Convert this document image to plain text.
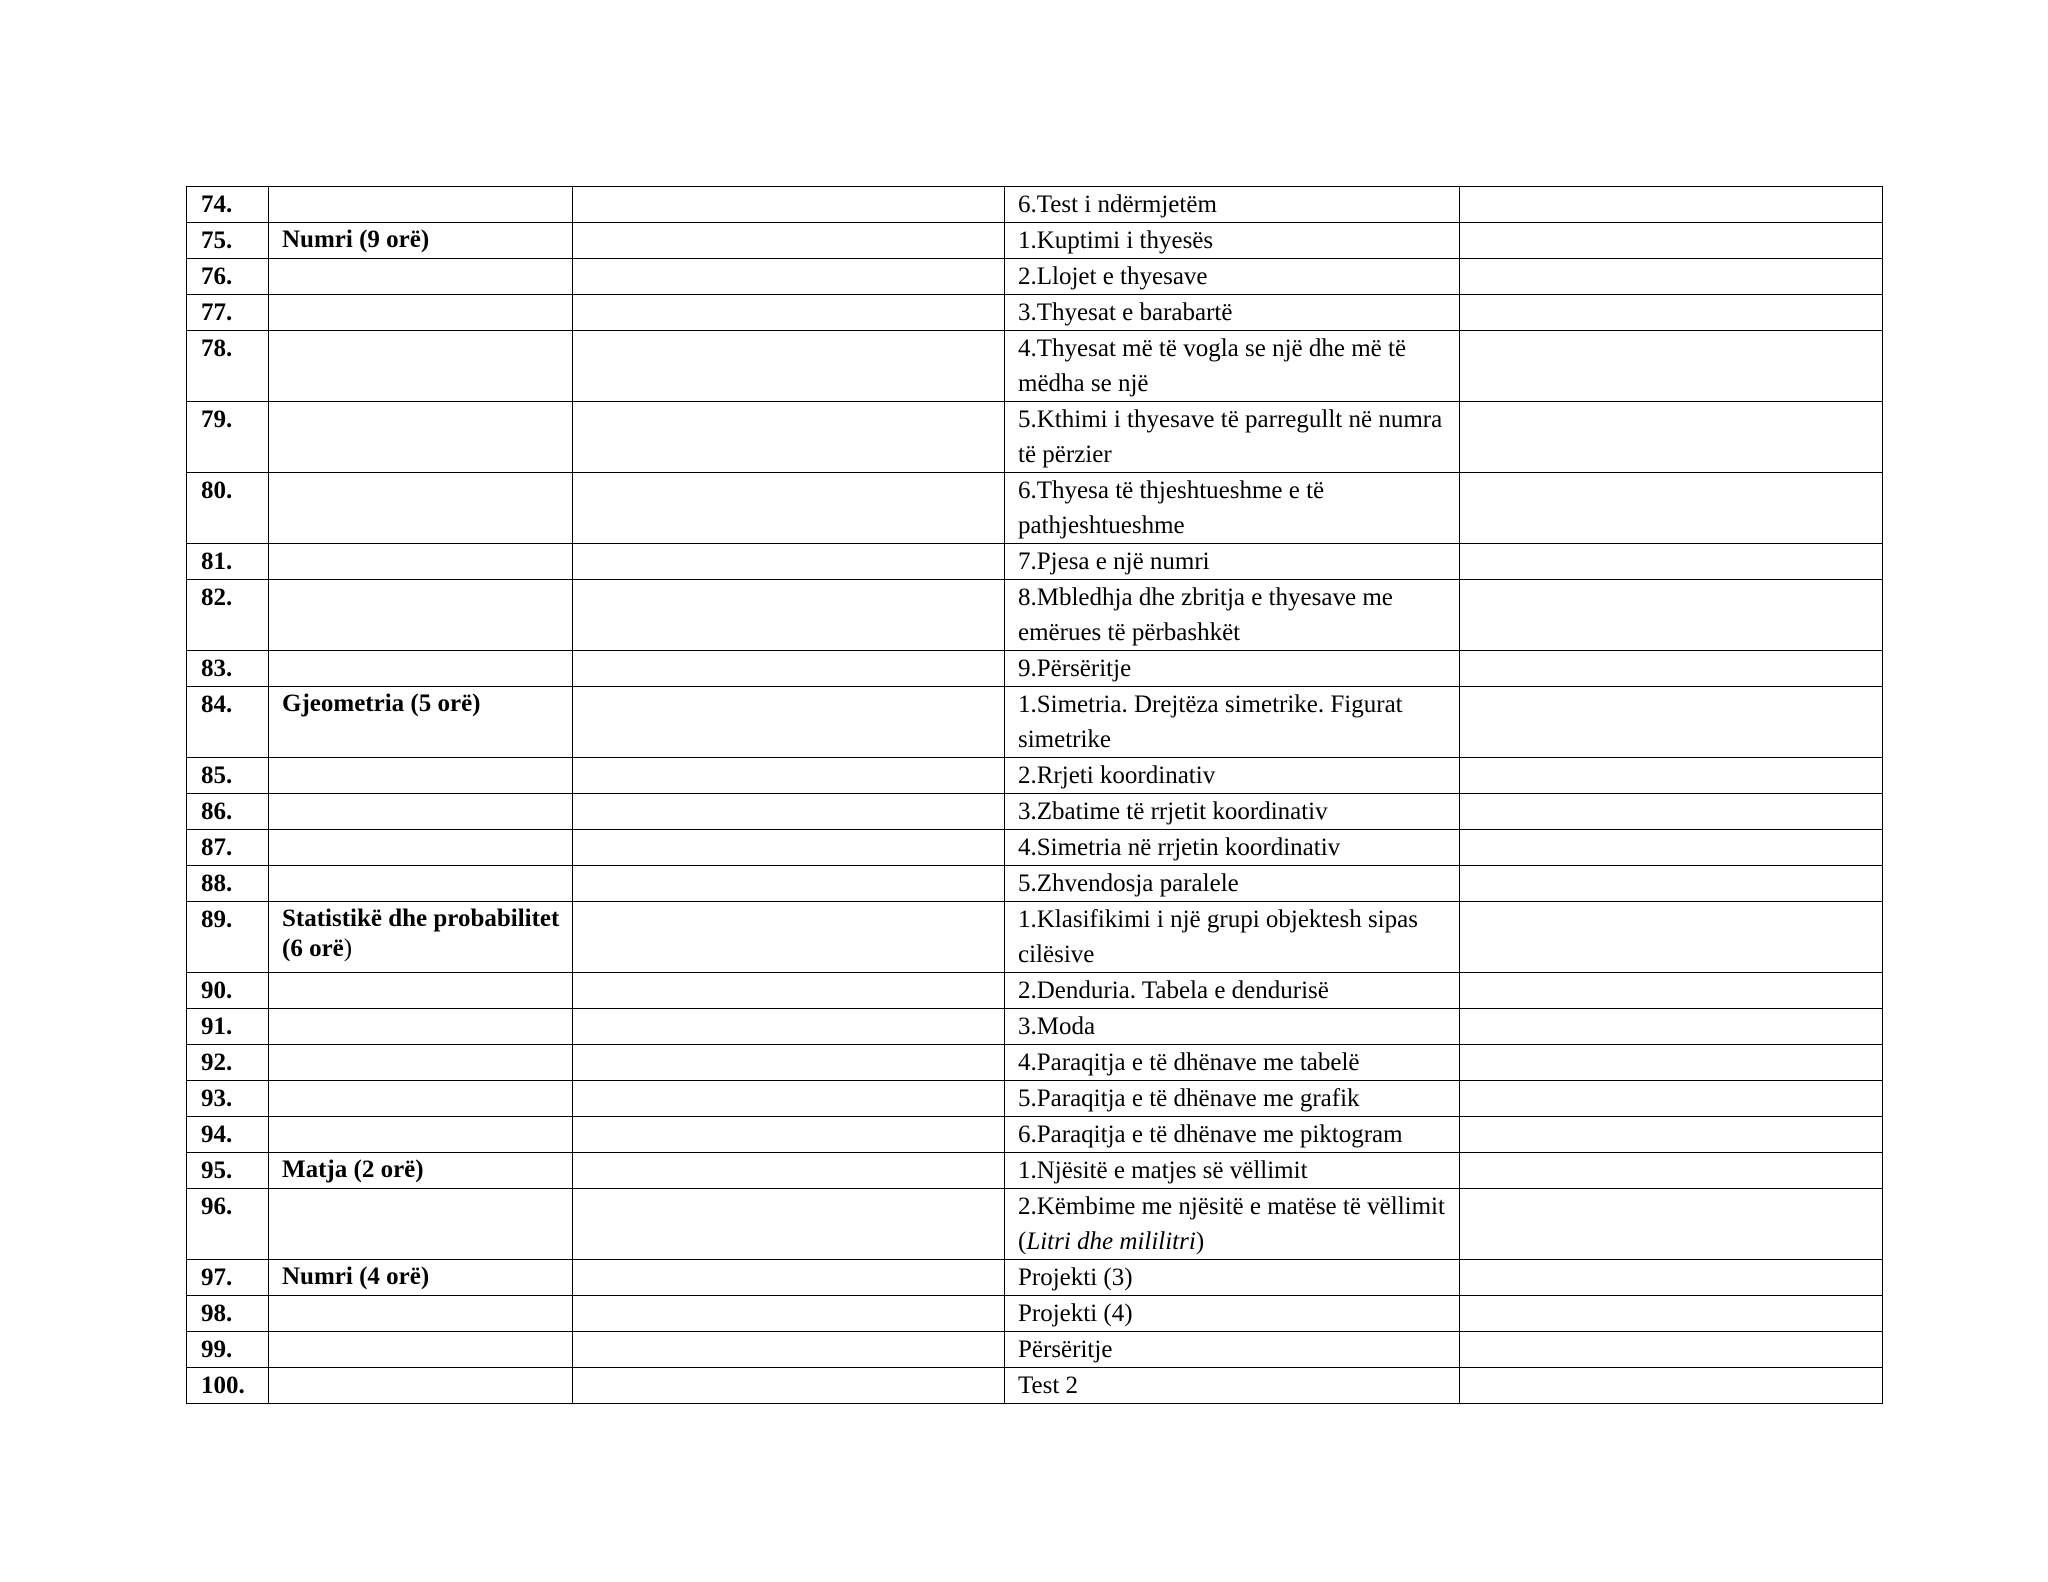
74.			6.Test i ndërmjetëm	
75.	Numri (9 orë)		1.Kuptimi i thyesës	
76.			2.Llojet e thyesave	
77.			3.Thyesat e barabartë	
78.			4.Thyesat më të vogla se një dhe më të mëdha se një	
79.			5.Kthimi i thyesave të parregullt në numra të përzier	
80.			6.Thyesa të thjeshtueshme e të pathjeshtueshme	
81.			7.Pjesa e një numri	
82.			8.Mbledhja dhe zbritja e thyesave me emërues të përbashkët	
83.			9.Përsëritje	
84.	Gjeometria (5 orë)		1.Simetria. Drejtëza simetrike. Figurat simetrike	
85.			2.Rrjeti koordinativ	
86.			3.Zbatime të rrjetit koordinativ	
87.			4.Simetria në rrjetin koordinativ	
88.			5.Zhvendosja paralele	
89.	Statistikë dhe probabilitet (6 orë)		1.Klasifikimi i një grupi objektesh sipas cilësive	
90.			2.Denduria. Tabela e dendurisë	
91.			3.Moda	
92.			4.Paraqitja e të dhënave me tabelë	
93.			5.Paraqitja e të dhënave me grafik	
94.			6.Paraqitja e të dhënave me piktogram	
95.	Matja (2 orë)		1.Njësitë e matjes së vëllimit	
96.			2.Këmbime me njësitë e matëse të vëllimit (Litri dhe mililitri)	
97.	Numri (4 orë)		Projekti (3)	
98.			Projekti (4)	
99.			Përsëritje	
100.			Test 2	
